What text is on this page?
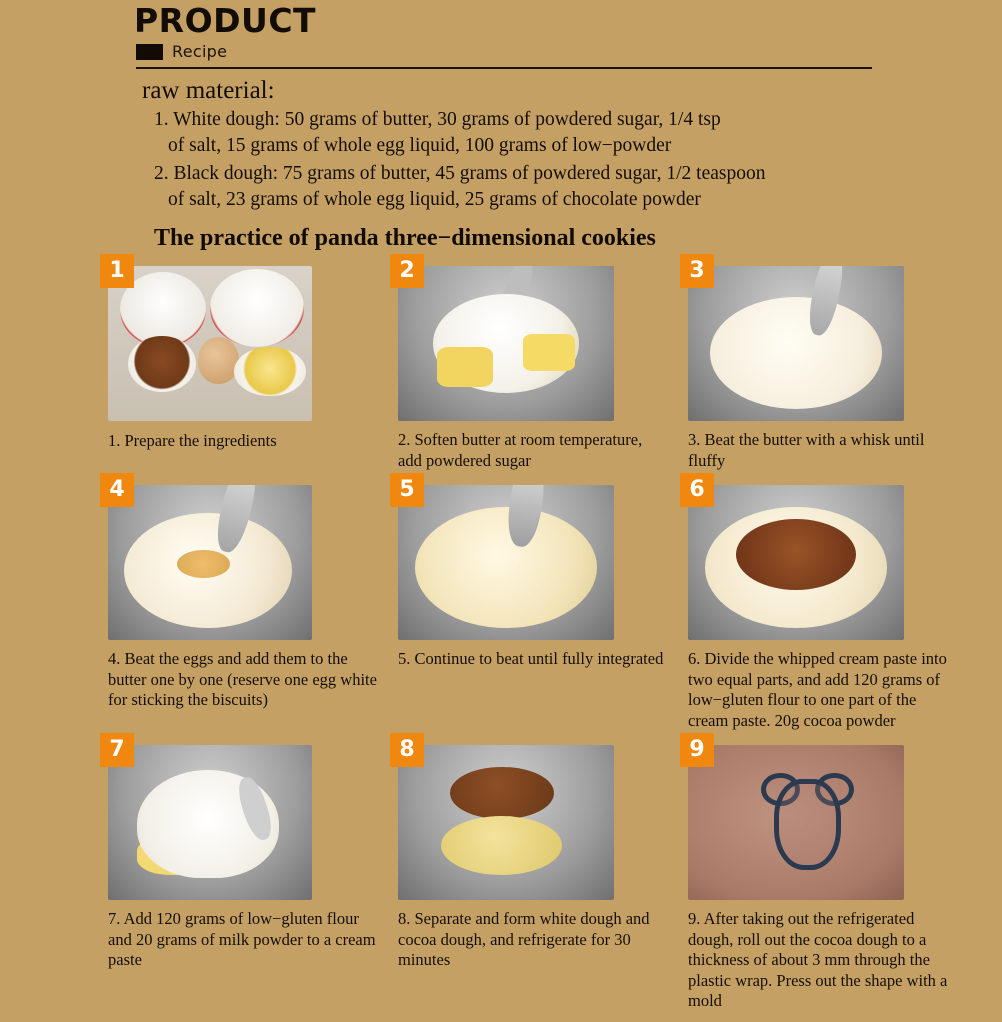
PRODUCT
Recipe
raw material:
1. White dough: 50 grams of butter, 30 grams of powdered sugar, 1/4 tsp
of salt, 15 grams of whole egg liquid, 100 grams of low−powder
2. Black dough: 75 grams of butter, 45 grams of powdered sugar, 1/2 teaspoon
of salt, 23 grams of whole egg liquid, 25 grams of chocolate powder
The practice of panda three−dimensional cookies
1
1. Prepare the ingredients
2
2. Soften butter at room temperature, add powdered sugar
3
3. Beat the butter with a whisk until fluffy
4
4. Beat the eggs and add them to the butter one by one (reserve one egg white for sticking the biscuits)
5
5. Continue to beat until fully integrated
6
6. Divide the whipped cream paste into two equal parts, and add 120 grams of low−gluten flour to one part of the cream paste. 20g cocoa powder
7
7. Add 120 grams of low−gluten flour and 20 grams of milk powder to a cream paste
8
8. Separate and form white dough and cocoa dough, and refrigerate for 30 minutes
9
9. After taking out the refrigerated dough, roll out the cocoa dough to a thickness of about 3 mm through the plastic wrap. Press out the shape with a mold
